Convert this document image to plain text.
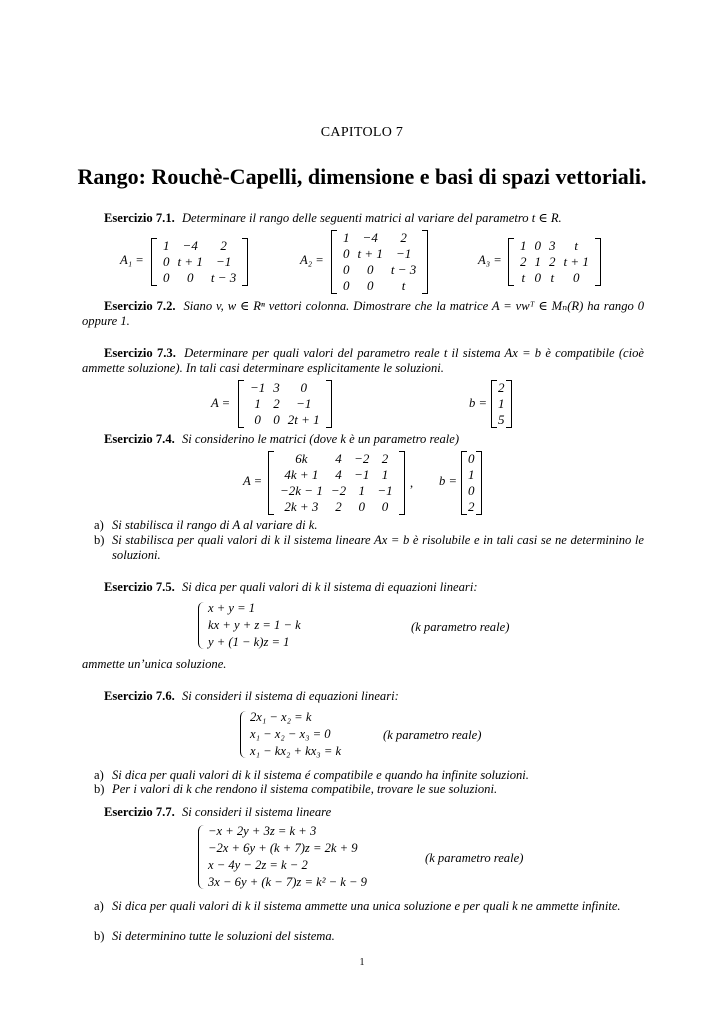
CAPITOLO 7
Rango: Rouchè-Capelli, dimensione e basi di spazi vettoriali.
Esercizio 7.1. Determinare il rango delle seguenti matrici al variare del parametro t ∈ R.
A₁ =
1	−4	2
0	t + 1	−1
0	0	t − 3
A₂ =
1	−4	2
0	t + 1	−1
0	0	t − 3
0	0	t
A₃ =
1	0	3	t
2	1	2	t + 1
t	0	t	0
Esercizio 7.2. Siano v, w ∈ Rⁿ vettori colonna. Dimostrare che la matrice A = vwᵀ ∈ Mₙ(R) ha rango 0 oppure 1.
Esercizio 7.3. Determinare per quali valori del parametro reale t il sistema Ax = b è compatibile (cioè ammette soluzione). In tali casi determinare esplicitamente le soluzioni.
A =
−1	3	0
1	2	−1
0	0	2t + 1
b =
2
1
5
Esercizio 7.4. Si considerino le matrici (dove k è un parametro reale)
A =
6k	4	−2	2
4k + 1	4	−1	1
−2k − 1	−2	1	−1
2k + 3	2	0	0
, b =
0
1
0
2
a) Si stabilisca il rango di A al variare di k.
b) Si stabilisca per quali valori di k il sistema lineare Ax = b è risolubile e in tali casi se ne determinino le soluzioni.
Esercizio 7.5. Si dica per quali valori di k il sistema di equazioni lineari:
x + y = 1
kx + y + z = 1 − k
y + (1 − k)z = 1
(k parametro reale)
ammette un’unica soluzione.
Esercizio 7.6. Si consideri il sistema di equazioni lineari:
2x₁ − x₂ = k
x₁ − x₂ − x₃ = 0
x₁ − kx₂ + kx₃ = k
(k parametro reale)
a) Si dica per quali valori di k il sistema é compatibile e quando ha infinite soluzioni.
b) Per i valori di k che rendono il sistema compatibile, trovare le sue soluzioni.
Esercizio 7.7. Si consideri il sistema lineare
−x + 2y + 3z = k + 3
−2x + 6y + (k + 7)z = 2k + 9
x − 4y − 2z = k − 2
3x − 6y + (k − 7)z = k² − k − 9
(k parametro reale)
a) Si dica per quali valori di k il sistema ammette una unica soluzione e per quali k ne ammette infinite.
b) Si determinino tutte le soluzioni del sistema.
1
